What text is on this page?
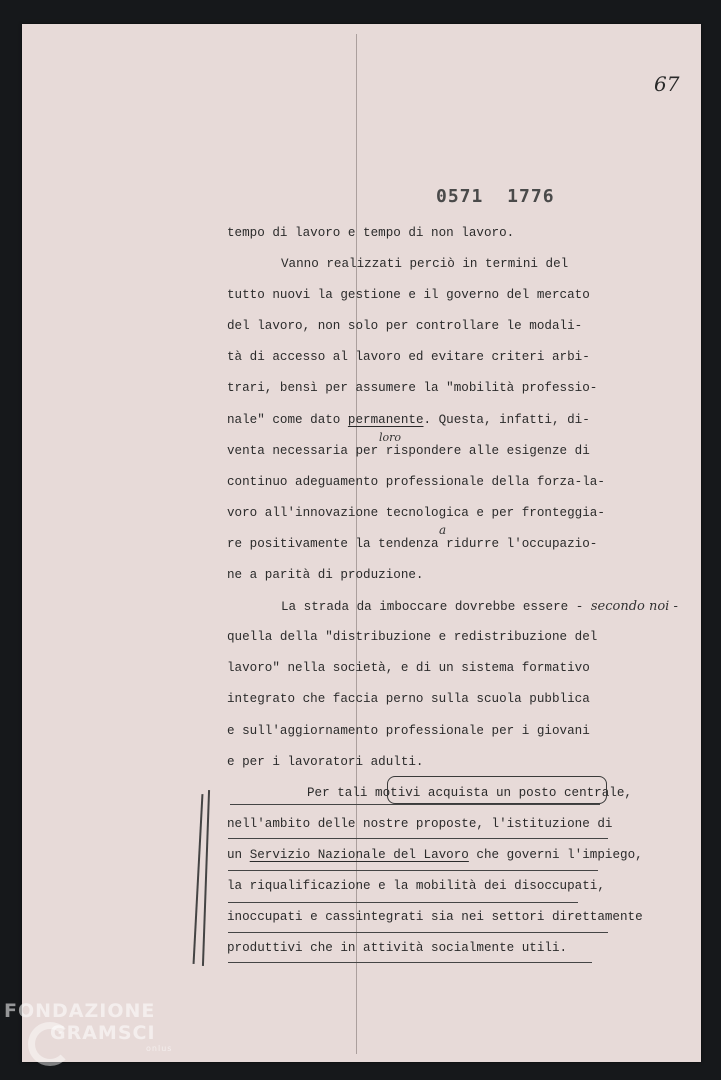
67
0571 1776
tempo di lavoro e tempo di non lavoro.
Vanno realizzati perciò in termini del
tutto nuovi la gestione e il governo del mercato
del lavoro, non solo per controllare le modali-
tà di accesso al lavoro ed evitare criteri arbi-
trari, bensì per assumere la "mobilità professio-
nale" come dato permanente. Questa, infatti, di-
venta necessaria per rispondere alle esigenze di
loro
continuo adeguamento professionale della forza-la-
voro all'innovazione tecnologica e per fronteggia-
re positivamente la tendenza ridurre l'occupazio-
a
ne a parità di produzione.
La strada da imboccare dovrebbe essere - secondo noi -
quella della "distribuzione e redistribuzione del
lavoro" nella società, e di un sistema formativo
integrato che faccia perno sulla scuola pubblica
e sull'aggiornamento professionale per i giovani
e per i lavoratori adulti.
Per tali motivi acquista un posto centrale,
nell'ambito delle nostre proposte, l'istituzione di
un Servizio Nazionale del Lavoro che governi l'impiego,
la riqualificazione e la mobilità dei disoccupati,
inoccupati e cassintegrati sia nei settori direttamente
produttivi che in attività socialmente utili.
FONDAZIONE
GRAMSCI
onlus
